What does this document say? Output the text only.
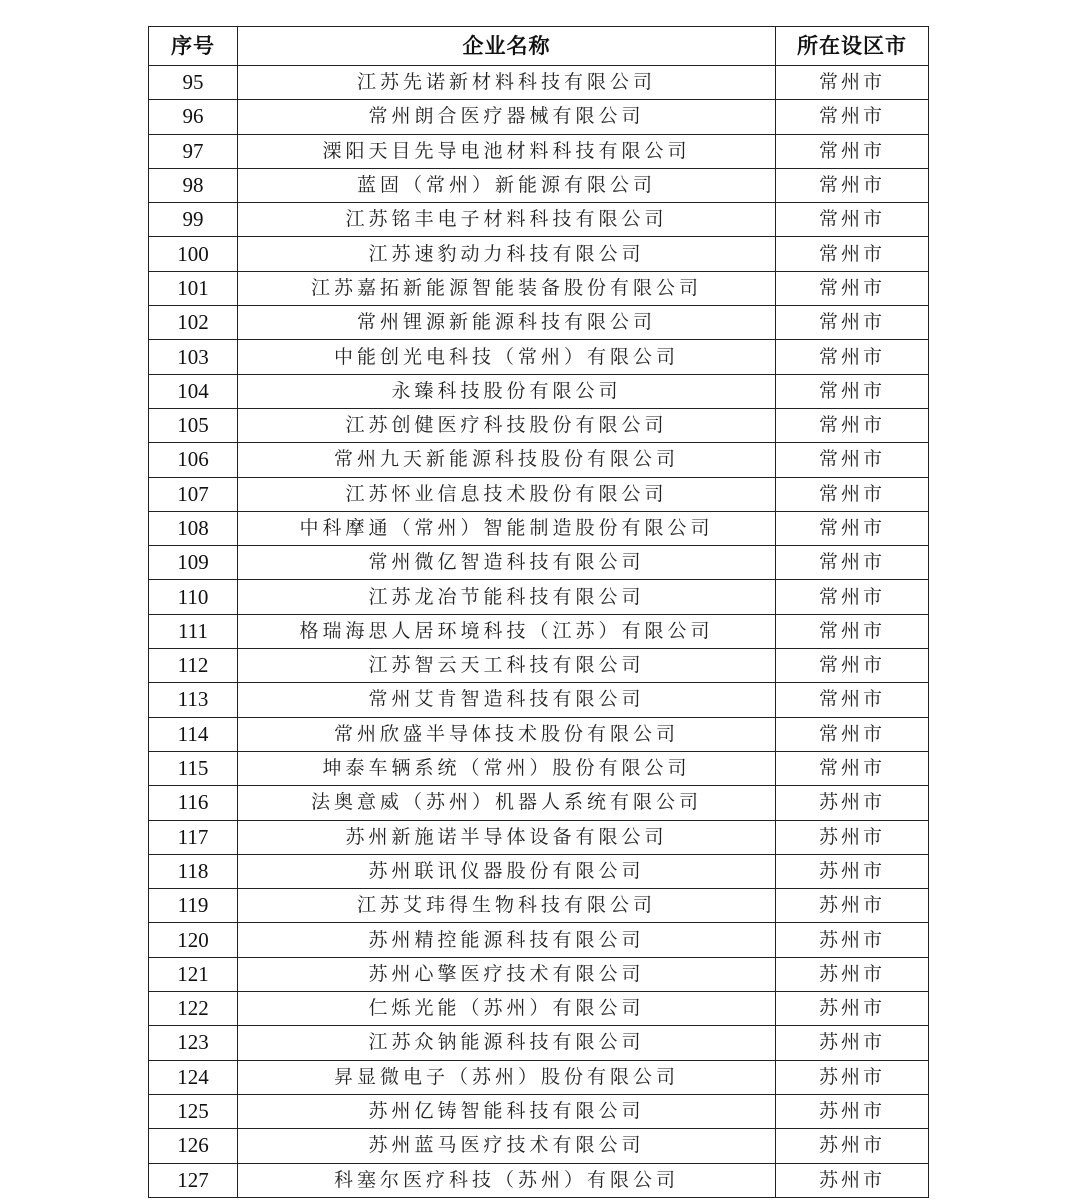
序号	企业名称	所在设区市
95	江苏先诺新材料科技有限公司	常州市
96	常州朗合医疗器械有限公司	常州市
97	溧阳天目先导电池材料科技有限公司	常州市
98	蓝固（常州）新能源有限公司	常州市
99	江苏铭丰电子材料科技有限公司	常州市
100	江苏速豹动力科技有限公司	常州市
101	江苏嘉拓新能源智能装备股份有限公司	常州市
102	常州锂源新能源科技有限公司	常州市
103	中能创光电科技（常州）有限公司	常州市
104	永臻科技股份有限公司	常州市
105	江苏创健医疗科技股份有限公司	常州市
106	常州九天新能源科技股份有限公司	常州市
107	江苏怀业信息技术股份有限公司	常州市
108	中科摩通（常州）智能制造股份有限公司	常州市
109	常州微亿智造科技有限公司	常州市
110	江苏龙冶节能科技有限公司	常州市
111	格瑞海思人居环境科技（江苏）有限公司	常州市
112	江苏智云天工科技有限公司	常州市
113	常州艾肯智造科技有限公司	常州市
114	常州欣盛半导体技术股份有限公司	常州市
115	坤泰车辆系统（常州）股份有限公司	常州市
116	法奥意威（苏州）机器人系统有限公司	苏州市
117	苏州新施诺半导体设备有限公司	苏州市
118	苏州联讯仪器股份有限公司	苏州市
119	江苏艾玮得生物科技有限公司	苏州市
120	苏州精控能源科技有限公司	苏州市
121	苏州心擎医疗技术有限公司	苏州市
122	仁烁光能（苏州）有限公司	苏州市
123	江苏众钠能源科技有限公司	苏州市
124	昇显微电子（苏州）股份有限公司	苏州市
125	苏州亿铸智能科技有限公司	苏州市
126	苏州蓝马医疗技术有限公司	苏州市
127	科塞尔医疗科技（苏州）有限公司	苏州市
